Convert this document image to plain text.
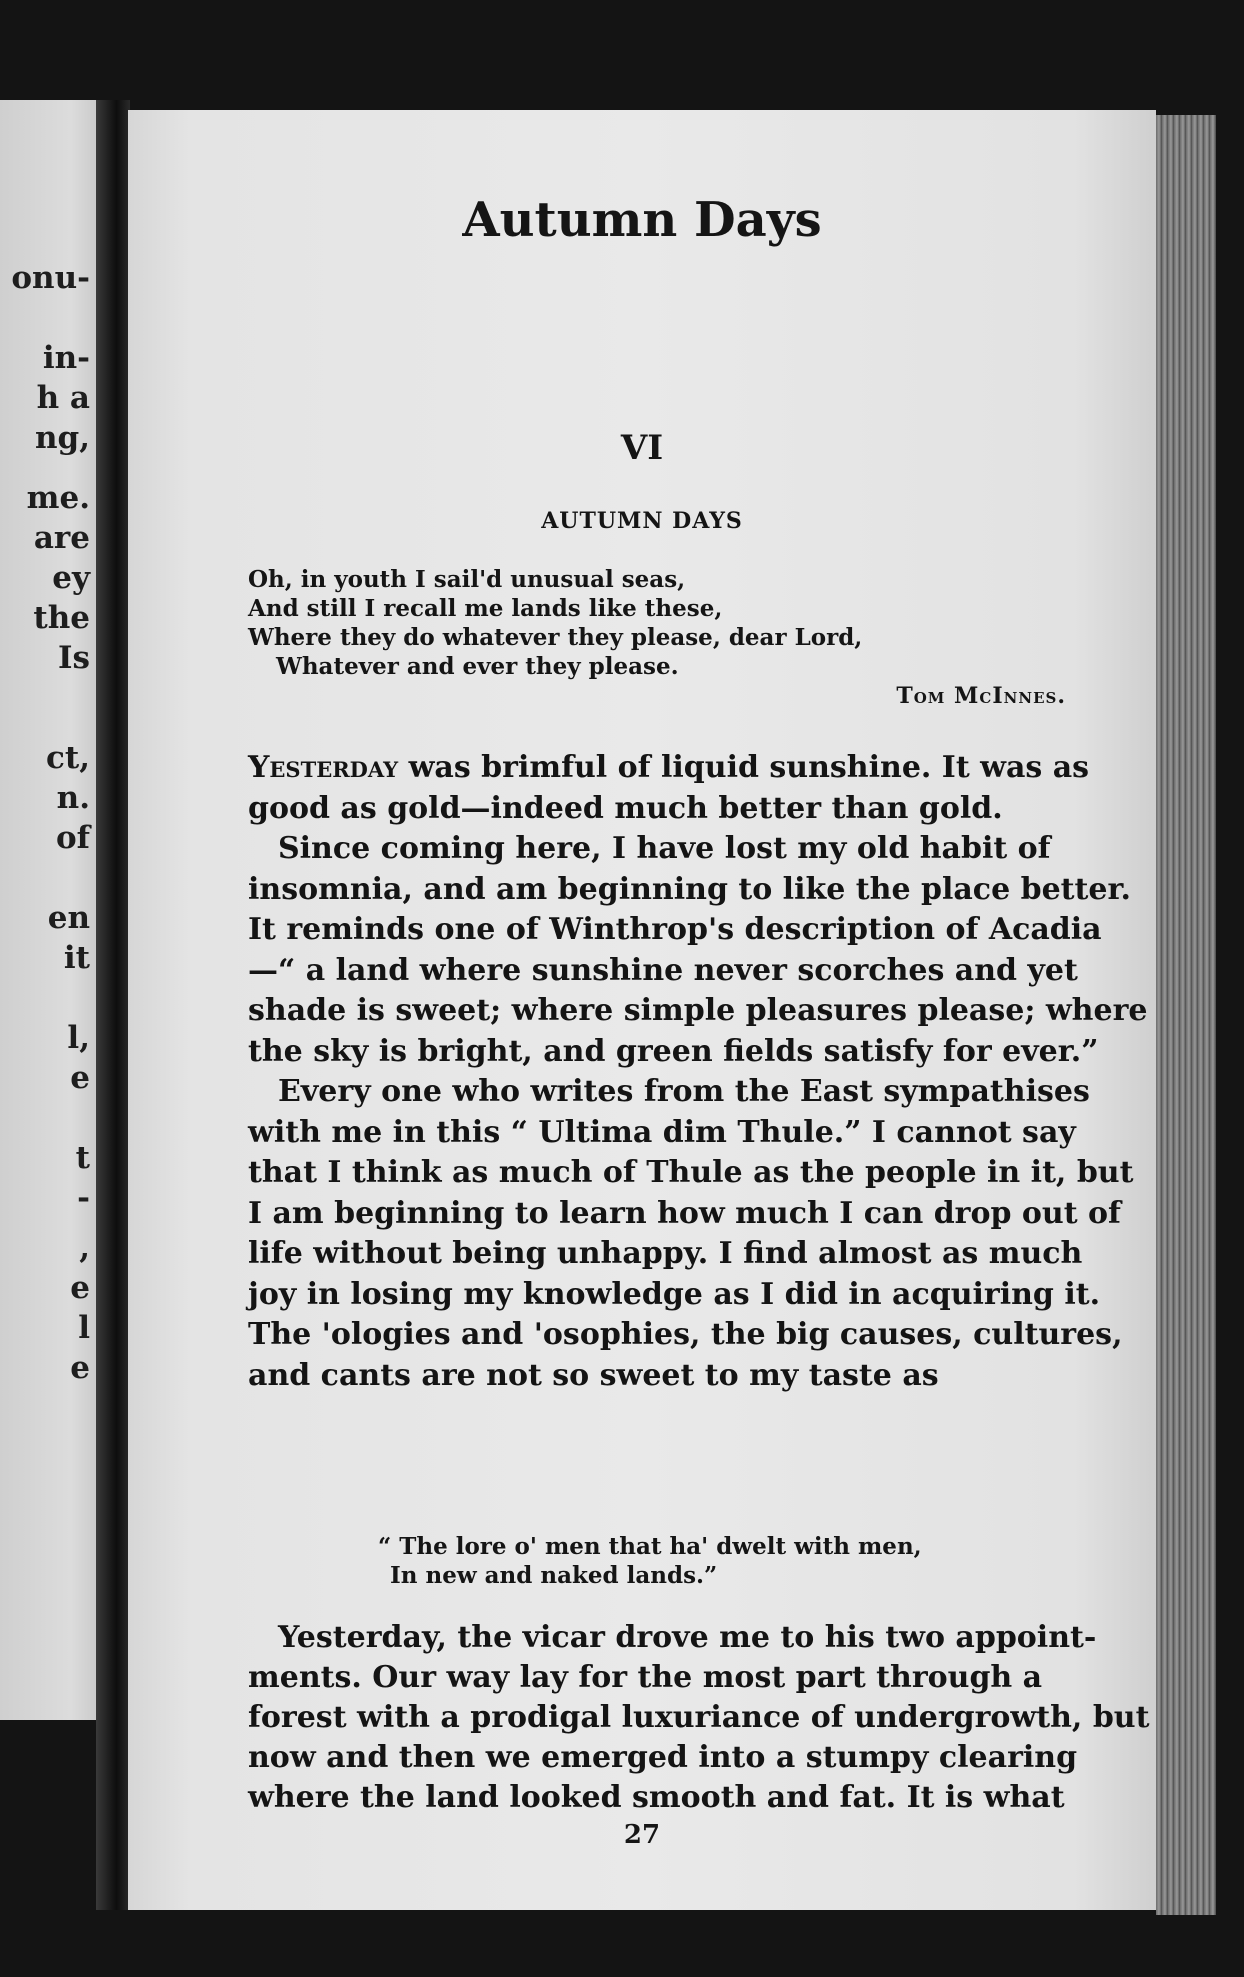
onu-
in-
h a
ng,
me.
are
ey
the
Is
ct,
n.
of
en
it
l,
e
t
-
,
e
l
e
Autumn Days
VI
AUTUMN DAYS
Oh, in youth I sail'd unusual seas,
And still I recall me lands like these,
Where they do whatever they please, dear Lord,
Whatever and ever they please.
Tom McInnes.
Yesterday was brimful of liquid sunshine. It was as
good as gold—indeed much better than gold.
Since coming here, I have lost my old habit of
insomnia, and am beginning to like the place better.
It reminds one of Winthrop's description of Acadia
—“ a land where sunshine never scorches and yet
shade is sweet; where simple pleasures please; where
the sky is bright, and green fields satisfy for ever.”
Every one who writes from the East sympathises
with me in this “ Ultima dim Thule.” I cannot say
that I think as much of Thule as the people in it, but
I am beginning to learn how much I can drop out of
life without being unhappy. I find almost as much
joy in losing my knowledge as I did in acquiring it.
The 'ologies and 'osophies, the big causes, cultures,
and cants are not so sweet to my taste as
“ The lore o' men that ha' dwelt with men,
In new and naked lands.”
Yesterday, the vicar drove me to his two appoint-
ments. Our way lay for the most part through a
forest with a prodigal luxuriance of undergrowth, but
now and then we emerged into a stumpy clearing
where the land looked smooth and fat. It is what
27
